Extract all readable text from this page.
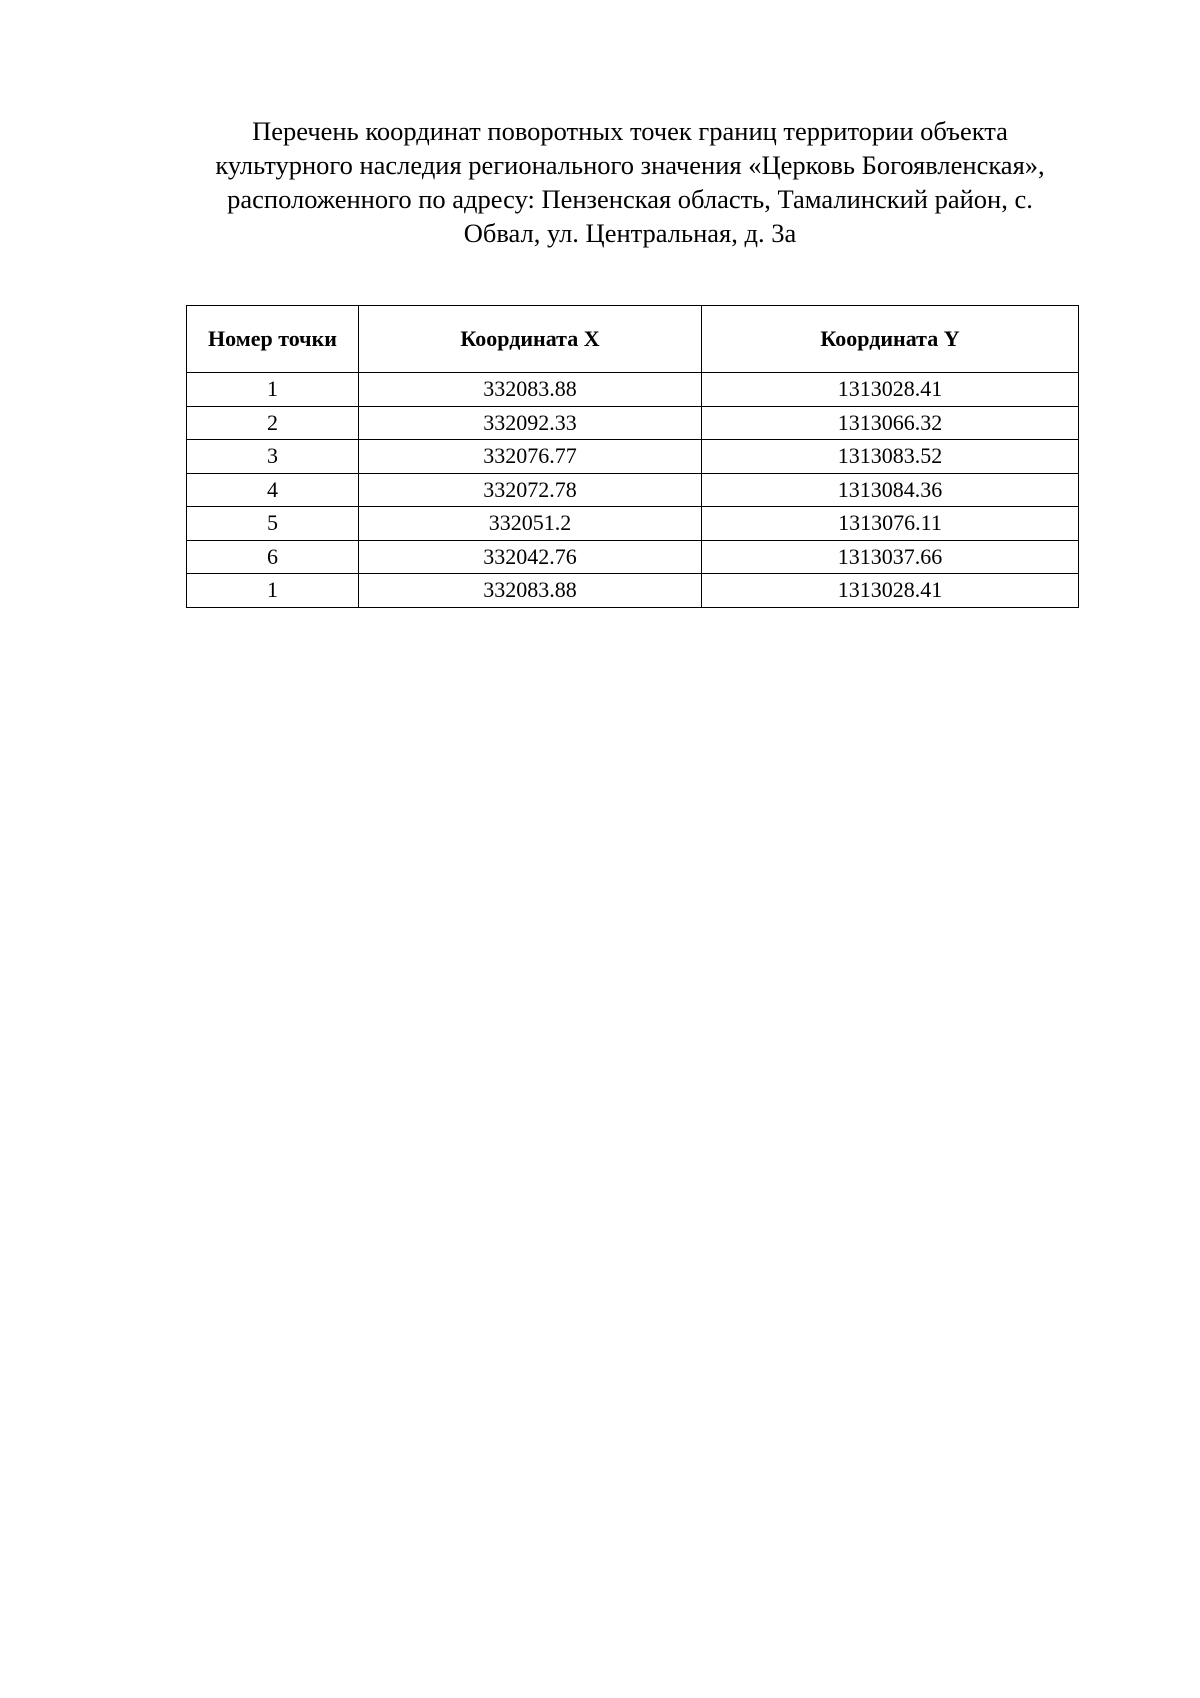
Перечень координат поворотных точек границ территории объекта
культурного наследия регионального значения «Церковь Богоявленская»,
расположенного по адресу: Пензенская область, Тамалинский район, с.
Обвал, ул. Центральная, д. 3а
Номер точки	Координата X	Координата Y
1	332083.88	1313028.41
2	332092.33	1313066.32
3	332076.77	1313083.52
4	332072.78	1313084.36
5	332051.2	1313076.11
6	332042.76	1313037.66
1	332083.88	1313028.41
